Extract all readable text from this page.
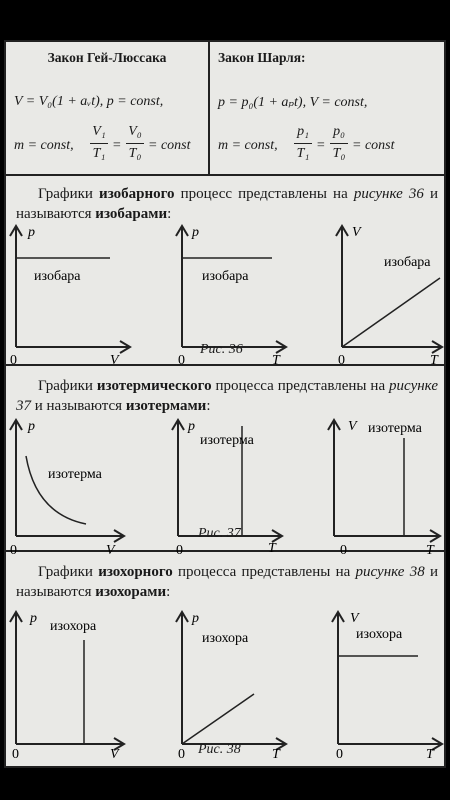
Закон Гей-Люссака
V = V₀(1 + aᵥt), p = const,
m = const,
V₁
T₁
=
V₀
T₀
= const
Закон Шарля:
p = p₀(1 + aₚt), V = const,
m = const,
p₁
T₁
=
p₀
T₀
= const
Графики изобарного процесс представлены на рисунке 36 и называются изобарами:
p
V
0
изобара
p
T
0
изобара
V
T
0
изобара
Рис. 36
Графики изотермического процесса представлены на рисунке 37 и называются изотермами:
p
V
0
изотерма
p
T
0
изотерма
V
T
0
изотерма
Рис. 37
Графики изохорного процесса представлены на рисунке 38 и называются изохорами:
p
V
0
изохора
p
T
0
изохора
V
T
0
изохора
Рис. 38
